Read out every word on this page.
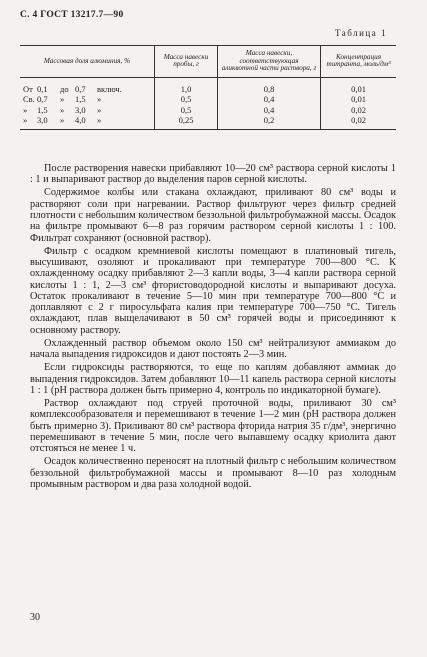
С. 4 ГОСТ 13217.7—90
Таблица 1
Массовая доля алюминия, %	Масса навески пробы, г	Масса навески, соответствующая аликвотной части раствора, г	Концентрация титранта, моль/дм³
От 0,1 до 0,7 включ.	1,0	0,8	0,01
Св. 0,7 » 1,5 »	0,5	0,4	0,01
» 1,5 » 3,0 »	0,5	0,4	0,02
» 3,0 » 4,0 »	0,25	0,2	0,02

После растворения навески прибавляют 10—20 см³ раствора серной кислоты 1 : 1 и выпаривают раствор до выделения паров серной кислоты.

Содержимое колбы или стакана охлаждают, приливают 80 см³ воды и растворяют соли при нагревании. Раствор фильтруют через фильтр средней плотности с небольшим количеством беззольной фильтробумажной массы. Осадок на фильтре промывают 6—8 раз горячим раствором серной кислоты 1 : 100. Фильтрат сохраняют (основной раствор).

Фильтр с осадком кремниевой кислоты помещают в платиновый тигель, высушивают, озоляют и прокаливают при температуре 700—800 °С. К охлажденному осадку прибавляют 2—3 капли воды, 3—4 капли раствора серной кислоты 1 : 1, 2—3 см³ фтористоводородной кислоты и выпаривают досуха. Остаток прокаливают в течение 5—10 мин при температуре 700—800 °С и доплавляют с 2 г пиросульфата калия при температуре 700—750 °С. Тигель охлаждают, плав выщелачивают в 50 см³ горячей воды и присоединяют к основному раствору.

Охлажденный раствор объемом около 150 см³ нейтрализуют аммиаком до начала выпадения гидроксидов и дают постоять 2—3 мин.

Если гидроксиды растворяются, то еще по каплям добавляют аммиак до выпадения гидроксидов. Затем добавляют 10—11 капель раствора серной кислоты 1 : 1 (рН раствора должен быть примерно 4, контроль по индикаторной бумаге).

Раствор охлаждают под струей проточной воды, приливают 30 см³ комплексообразователя и перемешивают в течение 1—2 мин (рН раствора должен быть примерно 3). Приливают 80 см³ раствора фторида натрия 35 г/дм³, энергично перемешивают в течение 5 мин, после чего выпавшему осадку криолита дают отстояться не менее 1 ч.

Осадок количественно переносят на плотный фильтр с небольшим количеством беззольной фильтробумажной массы и промывают 8—10 раз холодным промывным раствором и два раза холодной водой.

30
